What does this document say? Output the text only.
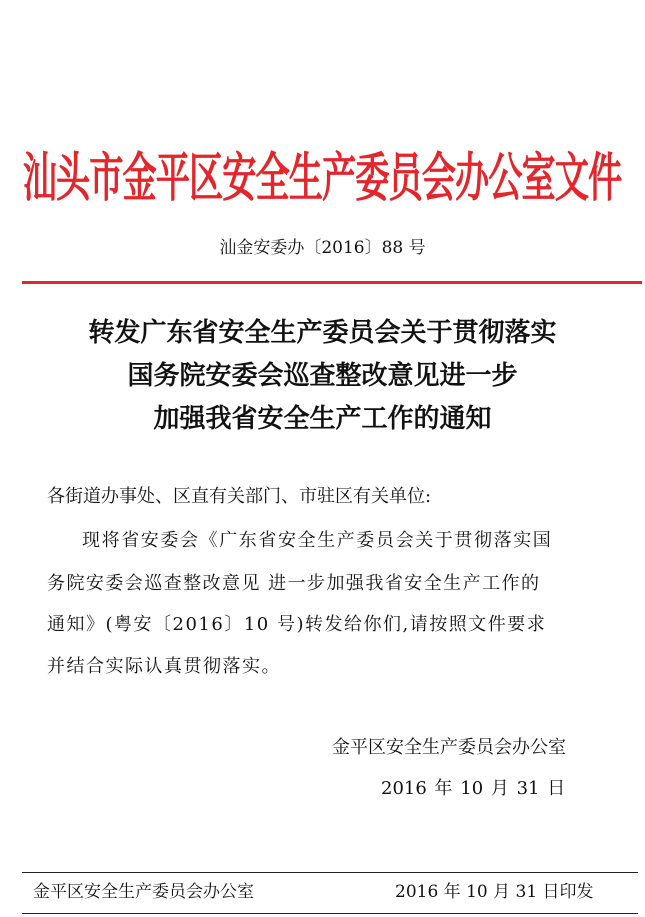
汕头市金平区安全生产委员会办公室文件
汕金安委办〔2016〕88 号
转发广东省安全生产委员会关于贯彻落实
国务院安委会巡查整改意见进一步
加强我省安全生产工作的通知
各街道办事处、区直有关部门、市驻区有关单位:
现将省安委会《广东省安全生产委员会关于贯彻落实国
务院安委会巡查整改意见 进一步加强我省安全生产工作的
通知》(粤安〔2016〕10 号)转发给你们,请按照文件要求
并结合实际认真贯彻落实。
金平区安全生产委员会办公室
2016 年 10 月 31 日
金平区安全生产委员会办公室	2016 年 10 月 31 日印发
